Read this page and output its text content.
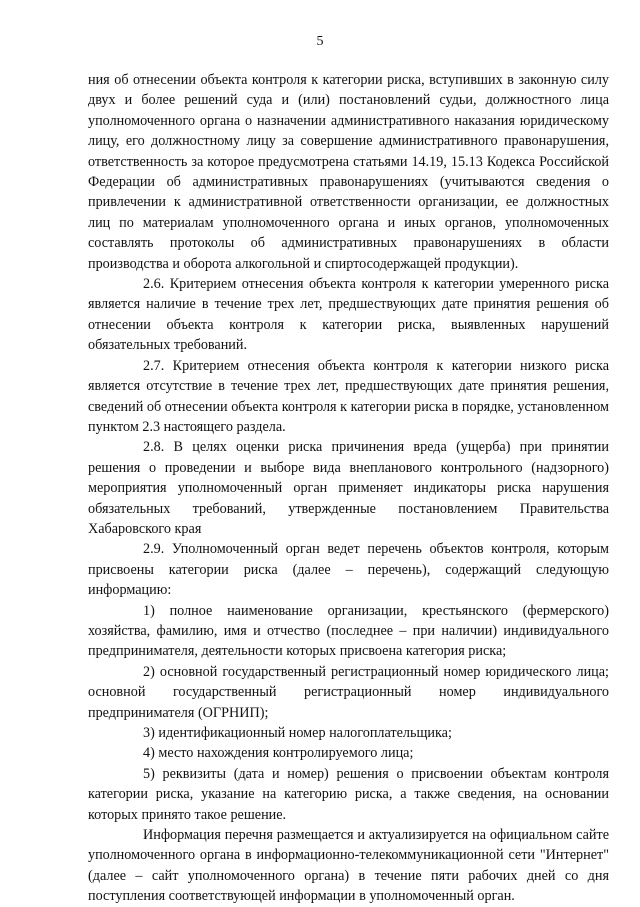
5

ния об отнесении объекта контроля к категории риска, вступивших в законную силу двух и более решений суда и (или) постановлений судьи, должностного лица уполномоченного органа о назначении административного наказания юридическому лицу, его должностному лицу за совершение административного правонарушения, ответственность за которое предусмотрена статьями 14.19, 15.13 Кодекса Российской Федерации об административных правонарушениях (учитываются сведения о привлечении к административной ответственности организации, ее должностных лиц по материалам уполномоченного органа и иных органов, уполномоченных составлять протоколы об административных правонарушениях в области производства и оборота алкогольной и спиртосодержащей продукции).

2.6. Критерием отнесения объекта контроля к категории умеренного риска является наличие в течение трех лет, предшествующих дате принятия решения об отнесении объекта контроля к категории риска, выявленных нарушений обязательных требований.

2.7. Критерием отнесения объекта контроля к категории низкого риска является отсутствие в течение трех лет, предшествующих дате принятия решения, сведений об отнесении объекта контроля к категории риска в порядке, установленном пунктом 2.3 настоящего раздела.

2.8. В целях оценки риска причинения вреда (ущерба) при принятии решения о проведении и выборе вида внепланового контрольного (надзорного) мероприятия уполномоченный орган применяет индикаторы риска нарушения обязательных требований, утвержденные постановлением Правительства Хабаровского края

2.9. Уполномоченный орган ведет перечень объектов контроля, которым присвоены категории риска (далее – перечень), содержащий следующую информацию:

1) полное наименование организации, крестьянского (фермерского) хозяйства, фамилию, имя и отчество (последнее – при наличии) индивидуального предпринимателя, деятельности которых присвоена категория риска;

2) основной государственный регистрационный номер юридического лица; основной государственный регистрационный номер индивидуального предпринимателя (ОГРНИП);

3) идентификационный номер налогоплательщика;

4) место нахождения контролируемого лица;

5) реквизиты (дата и номер) решения о присвоении объектам контроля категории риска, указание на категорию риска, а также сведения, на основании которых принято такое решение.

Информация перечня размещается и актуализируется на официальном сайте уполномоченного органа в информационно-телекоммуникационной сети "Интернет" (далее – сайт уполномоченного органа) в течение пяти рабочих дней со дня поступления соответствующей информации в уполномоченный орган.
